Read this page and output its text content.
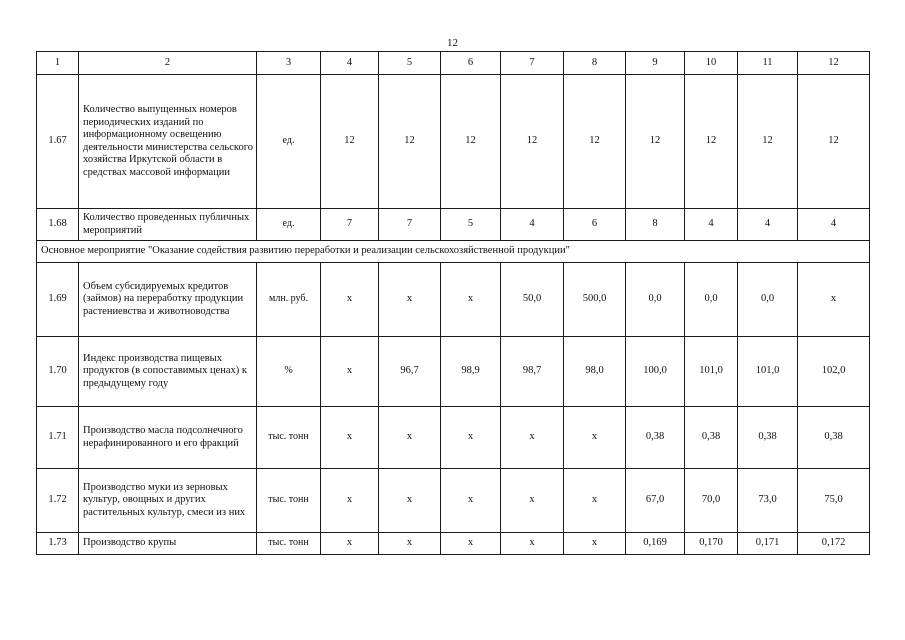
12
1	2	3	4	5	6	7	8	9	10	11	12
1.67	Количество выпущенных номеров периодических изданий по информационному освещению деятельности министерства сельского хозяйства Иркутской области в средствах массовой информации	ед.	12	12	12	12	12	12	12	12	12
1.68	Количество проведенных публичных мероприятий	ед.	7	7	5	4	6	8	4	4	4
Основное мероприятие "Оказание содействия развитию переработки и реализации сельскохозяйственной продукции"											
1.69	Объем субсидируемых кредитов (займов) на переработку продукции растениевства и животноводства	млн. руб.	х	х	х	50,0	500,0	0,0	0,0	0,0	х
1.70	Индекс производства пищевых продуктов (в сопоставимых ценах) к предыдущему году	%	х	96,7	98,9	98,7	98,0	100,0	101,0	101,0	102,0
1.71	Производство масла подсолнечного нерафинированного и его фракций	тыс. тонн	х	х	х	х	х	0,38	0,38	0,38	0,38
1.72	Производство муки из зерновых культур, овощных и других растительных культур, смеси из них	тыс. тонн	х	х	х	х	х	67,0	70,0	73,0	75,0
1.73	Производство крупы	тыс. тонн	х	х	х	х	х	0,169	0,170	0,171	0,172
